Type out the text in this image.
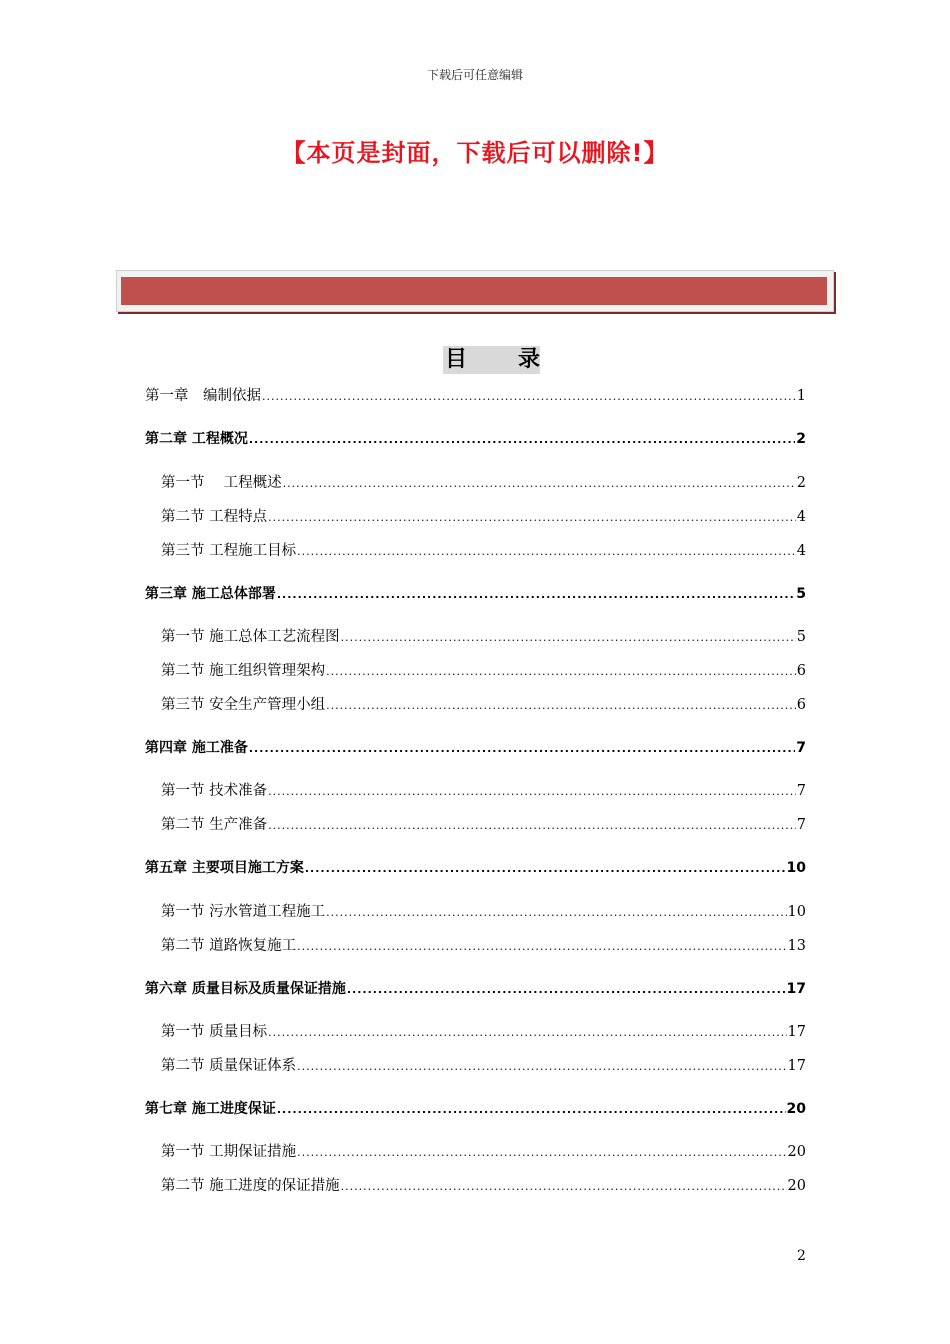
下载后可任意编辑
【本页是封面，下载后可以删除!】
目 录
第一章　编制依据 .....	1
第二章 工程概况 .....	2
第一节　 工程概述 .....	2
第二节 工程特点 .....	4
第三节 工程施工目标 .....	4
第三章 施工总体部署 .....	5
第一节 施工总体工艺流程图 .....	5
第二节 施工组织管理架构 .....	6
第三节 安全生产管理小组 .....	6
第四章 施工准备 .....	7
第一节 技术准备 .....	7
第二节 生产准备 .....	7
第五章 主要项目施工方案 .....	10
第一节 污水管道工程施工 .....	10
第二节 道路恢复施工 .....	13
第六章 质量目标及质量保证措施 .....	17
第一节 质量目标 .....	17
第二节 质量保证体系 .....	17
第七章 施工进度保证 .....	20
第一节 工期保证措施 .....	20
第二节 施工进度的保证措施 .....	20
2
